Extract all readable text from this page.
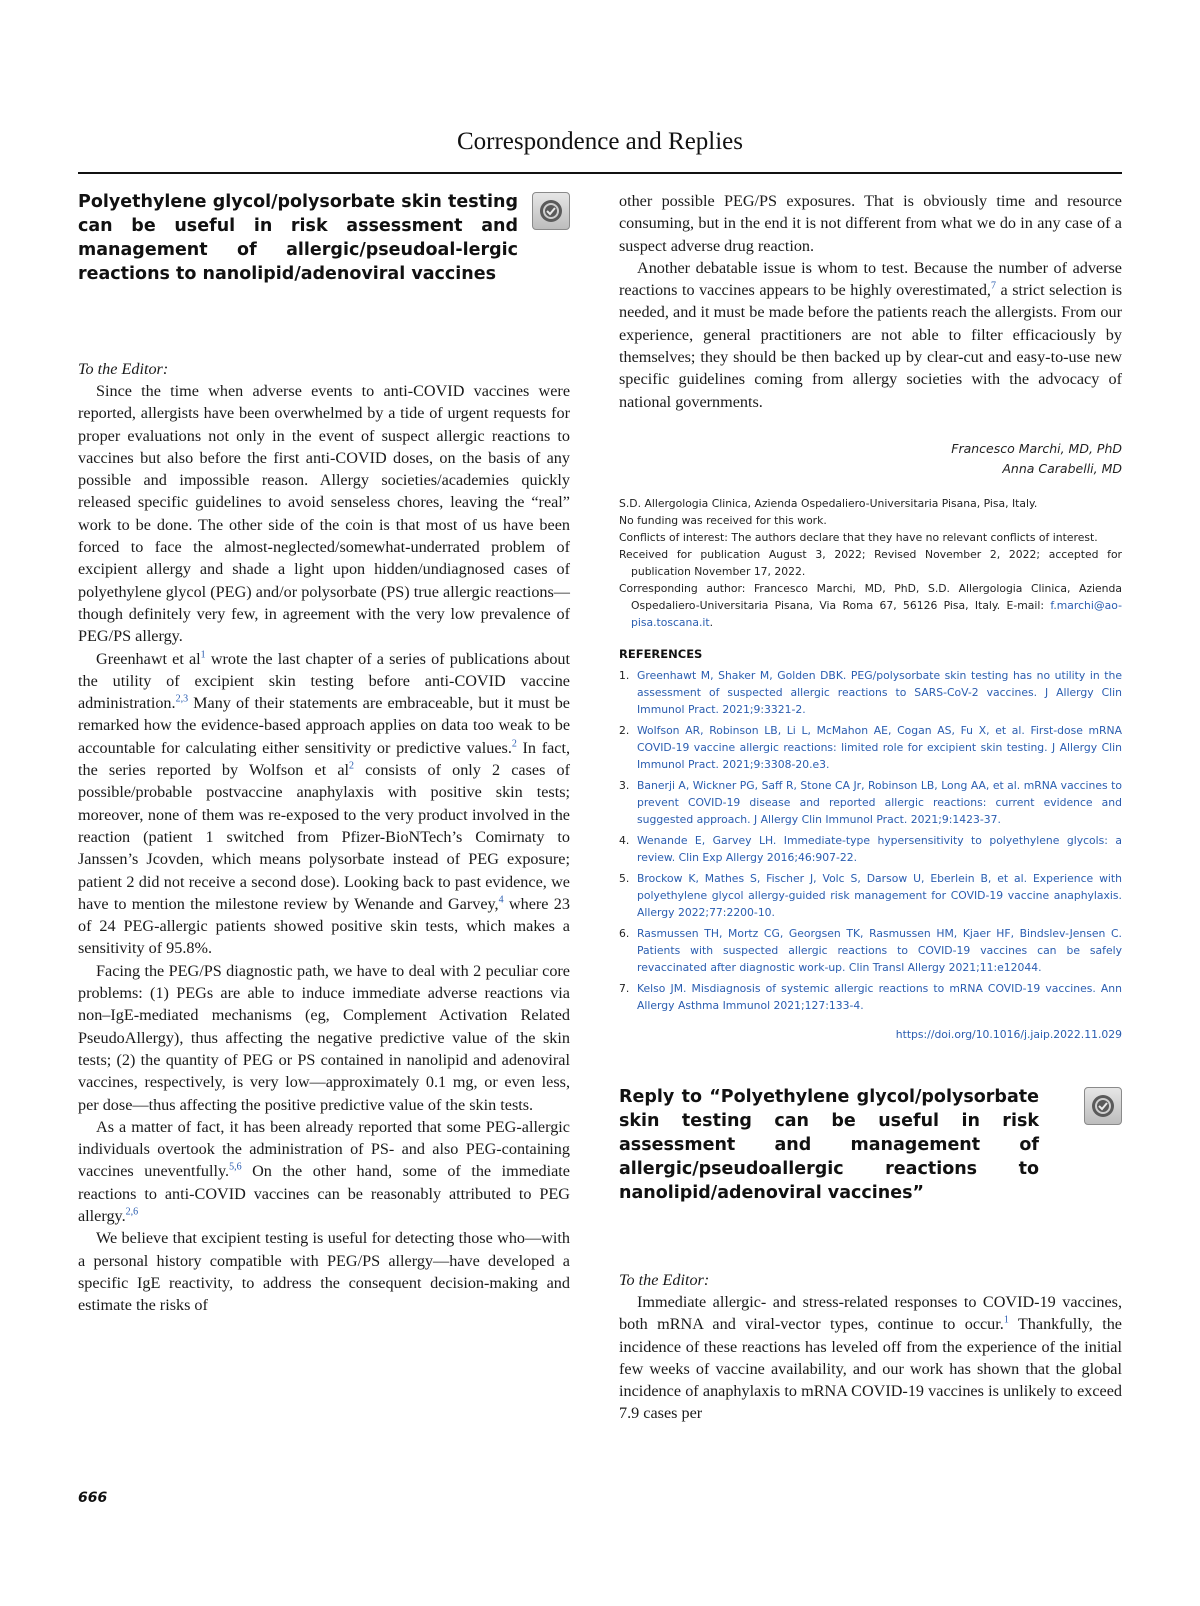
Correspondence and Replies
Polyethylene glycol/polysorbate skin testing can be useful in risk assessment and management of allergic/pseudoal-lergic reactions to nanolipid/adenoviral vaccines

To the Editor:

Since the time when adverse events to anti-COVID vaccines were reported, allergists have been overwhelmed by a tide of urgent requests for proper evaluations not only in the event of suspect allergic reactions to vaccines but also before the first anti-COVID doses, on the basis of any possible and impossible reason. Allergy societies/academies quickly released specific guidelines to avoid senseless chores, leaving the “real” work to be done. The other side of the coin is that most of us have been forced to face the almost-neglected/somewhat-underrated problem of excipient allergy and shade a light upon hidden/undiagnosed cases of polyethylene glycol (PEG) and/or polysorbate (PS) true allergic reactions—though definitely very few, in agreement with the very low prevalence of PEG/PS allergy.

Greenhawt et $al^1$ wrote the last chapter of a series of publications about the utility of excipient skin testing before anti-COVID vaccine administration.$^{2,3}$ Many of their statements are embraceable, but it must be remarked how the evidence-based approach applies on data too weak to be accountable for calculating either sensitivity or predictive values.$^2$ In fact, the series reported by Wolfson et $al^2$ consists of only 2 cases of possible/probable postvaccine anaphylaxis with positive skin tests; moreover, none of them was re-exposed to the very product involved in the reaction (patient 1 switched from Pfizer-BioNTech’s Comirnaty to Janssen’s Jcovden, which means polysorbate instead of PEG exposure; patient 2 did not receive a second dose). Looking back to past evidence, we have to mention the milestone review by Wenande and Garvey,$^4$ where 23 of 24 PEG-allergic patients showed positive skin tests, which makes a sensitivity of 95.8%.

Facing the PEG/PS diagnostic path, we have to deal with 2 peculiar core problems: (1) PEGs are able to induce immediate adverse reactions via non–IgE-mediated mechanisms (eg, Complement Activation Related PseudoAllergy), thus affecting the negative predictive value of the skin tests; (2) the quantity of PEG or PS contained in nanolipid and adenoviral vaccines, respectively, is very low—approximately 0.1 mg, or even less, per dose—thus affecting the positive predictive value of the skin tests.

As a matter of fact, it has been already reported that some PEG-allergic individuals overtook the administration of PS- and also PEG-containing vaccines uneventfully.$^{5,6}$ On the other hand, some of the immediate reactions to anti-COVID vaccines can be reasonably attributed to PEG allergy.$^{2,6}$

We believe that excipient testing is useful for detecting those who—with a personal history compatible with PEG/PS allergy—have developed a specific IgE reactivity, to address the consequent decision-making and estimate the risks of

other possible PEG/PS exposures. That is obviously time and resource consuming, but in the end it is not different from what we do in any case of a suspect adverse drug reaction.

Another debatable issue is whom to test. Because the number of adverse reactions to vaccines appears to be highly overestimated,$^7$ a strict selection is needed, and it must be made before the patients reach the allergists. From our experience, general practitioners are not able to filter efficaciously by themselves; they should be then backed up by clear-cut and easy-to-use new specific guidelines coming from allergy societies with the advocacy of national governments.

Francesco Marchi, MD, PhD
Anna Carabelli, MD
S.D. Allergologia Clinica, Azienda Ospedaliero-Universitaria Pisana, Pisa, Italy.
No funding was received for this work.
Conflicts of interest: The authors declare that they have no relevant conflicts of interest.
Received for publication August 3, 2022; Revised November 2, 2022; accepted for publication November 17, 2022.
Corresponding author: Francesco Marchi, MD, PhD, S.D. Allergologia Clinica, Azienda Ospedaliero-Universitaria Pisana, Via Roma 67, 56126 Pisa, Italy. E-mail: f.marchi@ao-pisa.toscana.it.
REFERENCES
1. Greenhawt M, Shaker M, Golden DBK. PEG/polysorbate skin testing has no utility in the assessment of suspected allergic reactions to SARS-CoV-2 vaccines. J Allergy Clin Immunol Pract. 2021;9:3321-2.
2. Wolfson AR, Robinson LB, Li L, McMahon AE, Cogan AS, Fu X, et al. First-dose mRNA COVID-19 vaccine allergic reactions: limited role for excipient skin testing. J Allergy Clin Immunol Pract. 2021;9:3308-20.e3.
3. Banerji A, Wickner PG, Saff R, Stone CA Jr, Robinson LB, Long AA, et al. mRNA vaccines to prevent COVID-19 disease and reported allergic reactions: current evidence and suggested approach. J Allergy Clin Immunol Pract. 2021;9:1423-37.
4. Wenande E, Garvey LH. Immediate-type hypersensitivity to polyethylene glycols: a review. Clin Exp Allergy 2016;46:907-22.
5. Brockow K, Mathes S, Fischer J, Volc S, Darsow U, Eberlein B, et al. Experience with polyethylene glycol allergy-guided risk management for COVID-19 vaccine anaphylaxis. Allergy 2022;77:2200-10.
6. Rasmussen TH, Mortz CG, Georgsen TK, Rasmussen HM, Kjaer HF, Bindslev-Jensen C. Patients with suspected allergic reactions to COVID-19 vaccines can be safely revaccinated after diagnostic work-up. Clin Transl Allergy 2021;11:e12044.
7. Kelso JM. Misdiagnosis of systemic allergic reactions to mRNA COVID-19 vaccines. Ann Allergy Asthma Immunol 2021;127:133-4.
https://doi.org/10.1016/j.jaip.2022.11.029
Reply to “Polyethylene glycol/polysorbate skin testing can be useful in risk assessment and management of allergic/pseudoallergic reactions to nanolipid/adenoviral vaccines”

To the Editor:

Immediate allergic- and stress-related responses to COVID-19 vaccines, both mRNA and viral-vector types, continue to occur.$^1$ Thankfully, the incidence of these reactions has leveled off from the experience of the initial few weeks of vaccine availability, and our work has shown that the global incidence of anaphylaxis to mRNA COVID-19 vaccines is unlikely to exceed 7.9 cases per

666
